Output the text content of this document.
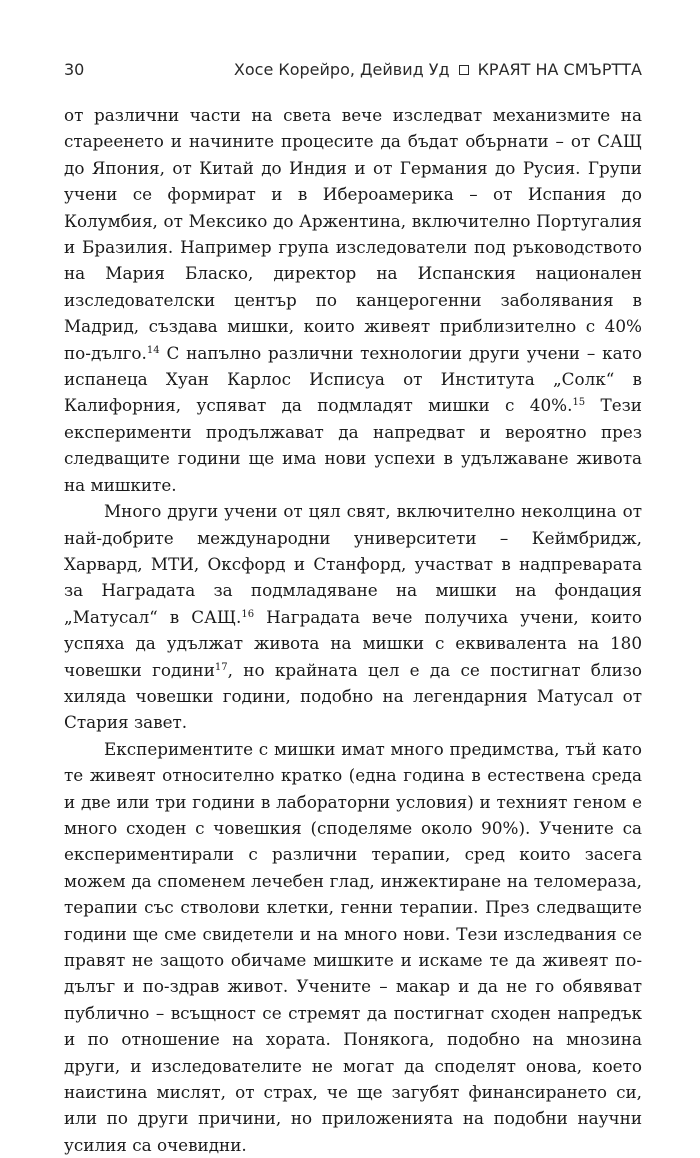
30	Хосе Корейро, Дейвид Уд КРАЯТ НА СМЪРТТА

от различни части на света вече изследват механизмите на стареенето и начините процесите да бъдат обърнати – от САЩ до Япония, от Китай до Индия и от Германия до Русия. Групи учени се формират и в Ибероамерика – от Испания до Колумбия, от Мексико до Аржентина, включително Португалия и Бразилия. Например група изследователи под ръководството на Мария Бласко, директор на Испанския национален изследователски център по канцерогенни заболявания в Мадрид, създава мишки, които живеят приблизително с 40% по-дълго.$^{14}$ С напълно различни технологии други учени – като испанеца Хуан Карлос Исписуа от Института „Солк“ в Калифорния, успяват да подмладят мишки с 40%.$^{15}$ Тези експерименти продължават да напредват и вероятно през следващите години ще има нови успехи в удължаване живота на мишките.

Много други учени от цял свят, включително неколцина от най-добрите международни университети – Кеймбридж, Харвард, МТИ, Оксфорд и Станфорд, участват в надпреварата за Наградата за подмладяване на мишки на фондация „Матусал“ в САЩ.$^{16}$ Наградата вече получиха учени, които успяха да удължат живота на мишки с еквивалента на 180 човешки години$^{17}$, но крайната цел е да се постигнат близо хиляда човешки години, подобно на легендарния Матусал от Стария завет.

Експериментите с мишки имат много предимства, тъй като те живеят относително кратко (една година в естествена среда и две или три години в лабораторни условия) и техният геном е много сходен с човешкия (споделяме около 90%). Учените са експериментирали с различни терапии, сред които засега можем да споменем лечебен глад, инжектиране на теломераза, терапии със стволови клетки, генни терапии. През следващите години ще сме свидетели и на много нови. Тези изследвания се правят не защото обичаме мишките и искаме те да живеят по-дълъг и по-здрав живот. Учените – макар и да не го обявяват публично – всъщност се стремят да постигнат сходен напредък и по отношение на хората. Понякога, подобно на мнозина други, и изследователите не могат да споделят онова, което наистина мислят, от страх, че ще загубят финансирането си, или по други причини, но приложенията на подобни научни усилия са очевидни.
